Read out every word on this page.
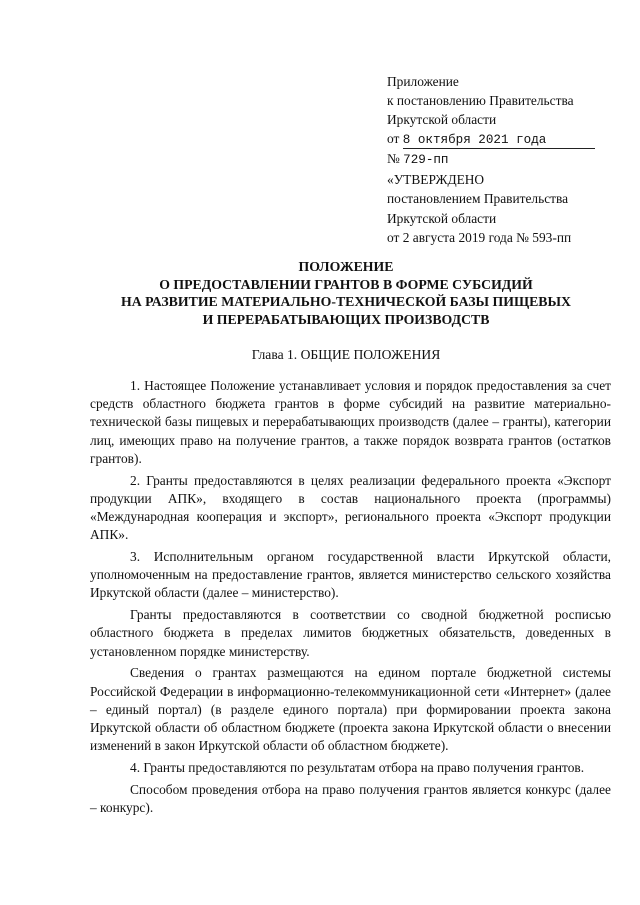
Приложение
к постановлению Правительства
Иркутской области
от 8 октября 2021 года
№ 729-пп
«УТВЕРЖДЕНО
постановлением Правительства
Иркутской области
от 2 августа 2019 года № 593-пп
ПОЛОЖЕНИЕ
О ПРЕДОСТАВЛЕНИИ ГРАНТОВ В ФОРМЕ СУБСИДИЙ
НА РАЗВИТИЕ МАТЕРИАЛЬНО-ТЕХНИЧЕСКОЙ БАЗЫ ПИЩЕВЫХ
И ПЕРЕРАБАТЫВАЮЩИХ ПРОИЗВОДСТВ
Глава 1. ОБЩИЕ ПОЛОЖЕНИЯ

1. Настоящее Положение устанавливает условия и порядок предоставления за счет средств областного бюджета грантов в форме субсидий на развитие материально-технической базы пищевых и перерабатывающих производств (далее – гранты), категории лиц, имеющих право на получение грантов, а также порядок возврата грантов (остатков грантов).

2. Гранты предоставляются в целях реализации федерального проекта «Экспорт продукции АПК», входящего в состав национального проекта (программы) «Международная кооперация и экспорт», регионального проекта «Экспорт продукции АПК».

3. Исполнительным органом государственной власти Иркутской области, уполномоченным на предоставление грантов, является министерство сельского хозяйства Иркутской области (далее – министерство).

Гранты предоставляются в соответствии со сводной бюджетной росписью областного бюджета в пределах лимитов бюджетных обязательств, доведенных в установленном порядке министерству.

Сведения о грантах размещаются на едином портале бюджетной системы Российской Федерации в информационно-телекоммуникационной сети «Интернет» (далее – единый портал) (в разделе единого портала) при формировании проекта закона Иркутской области об областном бюджете (проекта закона Иркутской области о внесении изменений в закон Иркутской области об областном бюджете).

4. Гранты предоставляются по результатам отбора на право получения грантов.

Способом проведения отбора на право получения грантов является конкурс (далее – конкурс).
